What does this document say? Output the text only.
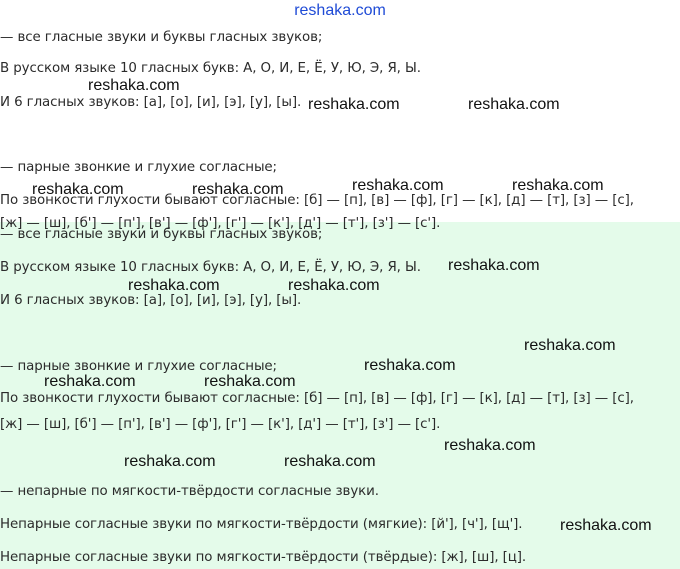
reshaka.com
— все гласные звуки и буквы гласных звуков;
В русском языке 10 гласных букв: А, О, И, Е, Ё, У, Ю, Э, Я, Ы.
И 6 гласных звуков: [а], [о], [и], [э], [у], [ы].
— парные звонкие и глухие согласные;
По звонкости глухости бывают согласные: [б] — [п], [в] — [ф], [г] — [к], [д] — [т], [з] — [с],
[ж] — [ш], [б'] — [п'], [в'] — [ф'], [г'] — [к'], [д'] — [т'], [з'] — [с'].
— все гласные звуки и буквы гласных звуков;
В русском языке 10 гласных букв: А, О, И, Е, Ё, У, Ю, Э, Я, Ы.
И 6 гласных звуков: [а], [о], [и], [э], [у], [ы].
— парные звонкие и глухие согласные;
По звонкости глухости бывают согласные: [б] — [п], [в] — [ф], [г] — [к], [д] — [т], [з] — [с],
[ж] — [ш], [б'] — [п'], [в'] — [ф'], [г'] — [к'], [д'] — [т'], [з'] — [с'].
— непарные по мягкости-твёрдости согласные звуки.
Непарные согласные звуки по мягкости-твёрдости (мягкие): [й'], [ч'], [щ'].
Непарные согласные звуки по мягкости-твёрдости (твёрдые): [ж], [ш], [ц].
reshaka.com
reshaka.com	reshaka.com
reshaka.com	reshaka.com	reshaka.com	reshaka.com
reshaka.com
reshaka.com	reshaka.com
reshaka.com
reshaka.com
reshaka.com	reshaka.com
reshaka.com
reshaka.com	reshaka.com
reshaka.com
